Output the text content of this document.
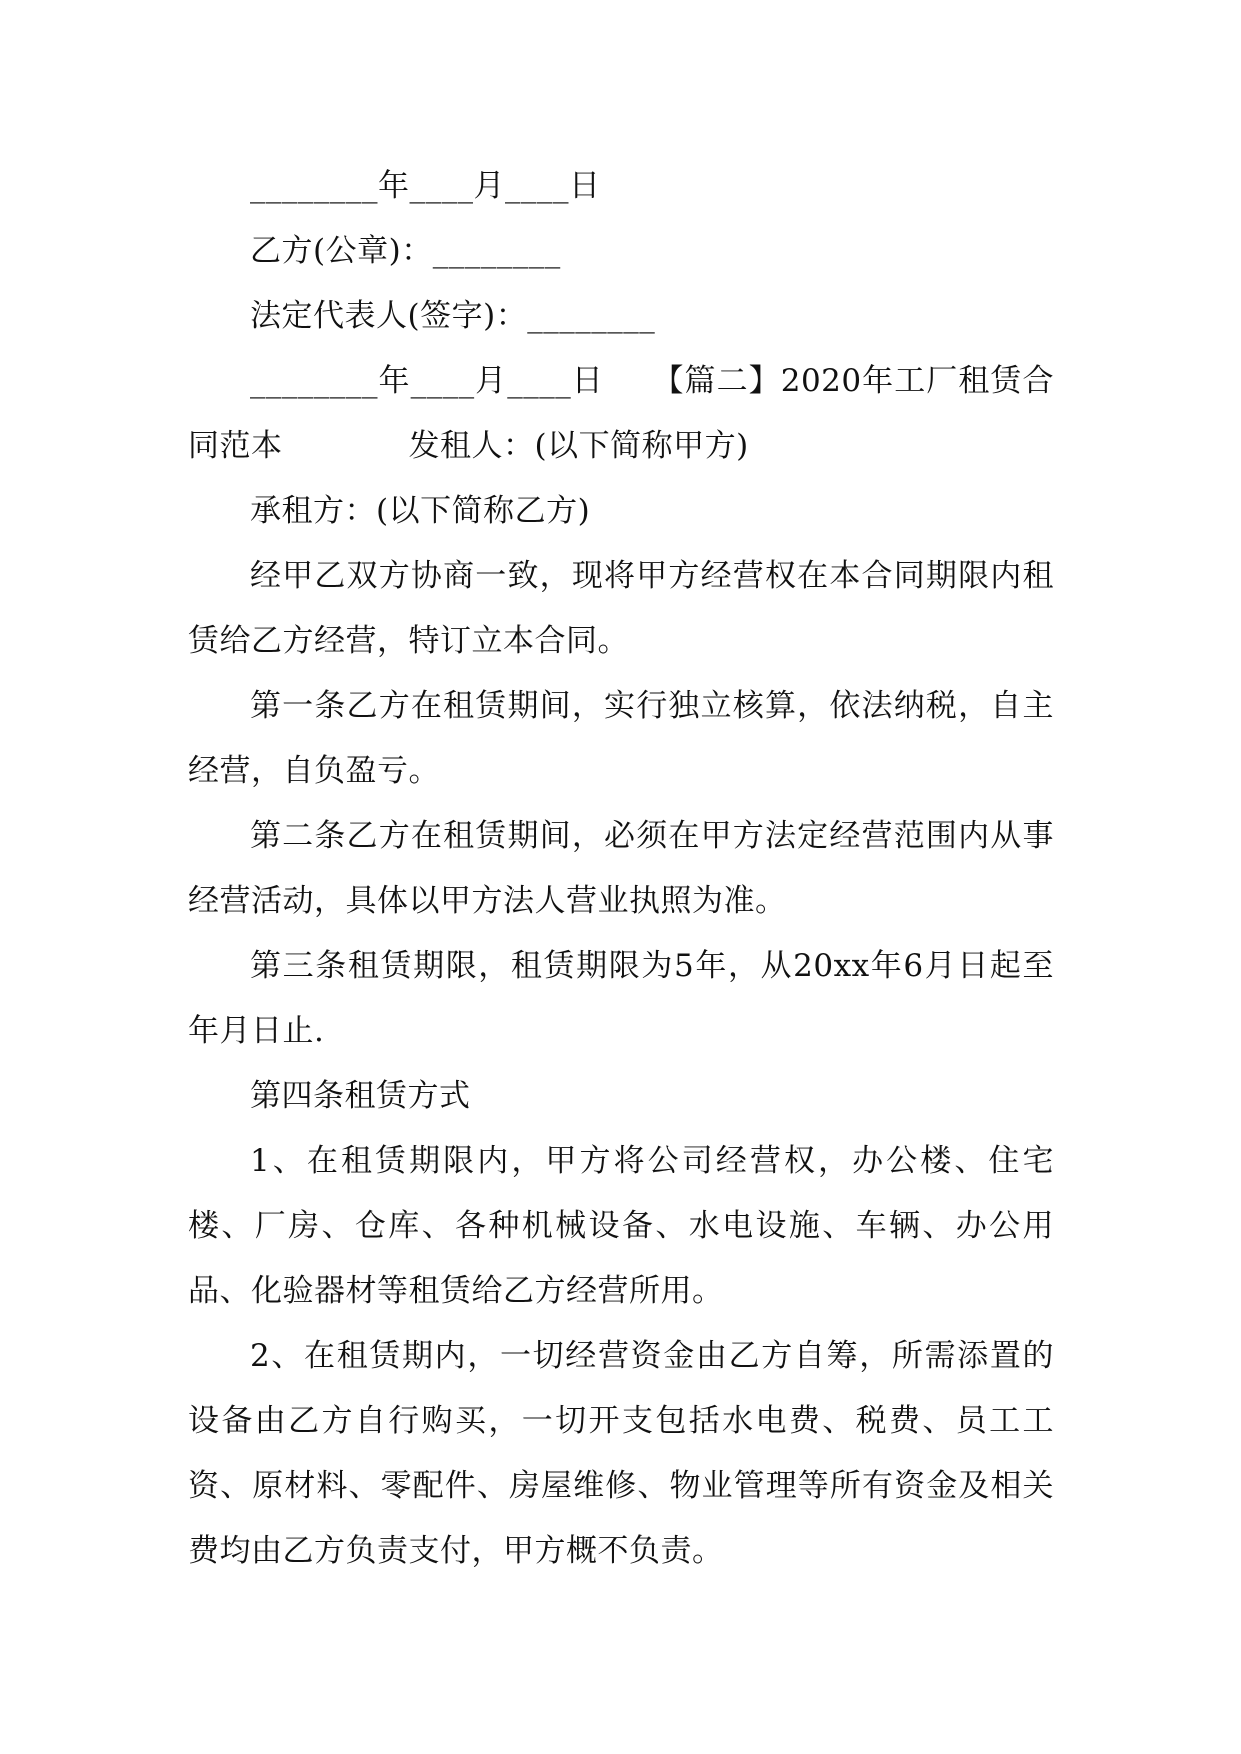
________年____月____日

乙方(公章)：________

法定代表人(签字)：________

________年____月____日　　【篇二】2020年工厂租赁合同范本　　　　发租人：(以下简称甲方)

承租方：(以下简称乙方)

经甲乙双方协商一致，现将甲方经营权在本合同期限内租赁给乙方经营，特订立本合同。

第一条乙方在租赁期间，实行独立核算，依法纳税，自主经营，自负盈亏。

第二条乙方在租赁期间，必须在甲方法定经营范围内从事经营活动，具体以甲方法人营业执照为准。

第三条租赁期限，租赁期限为5年，从20xx年6月日起至年月日止.

第四条租赁方式

1、在租赁期限内，甲方将公司经营权，办公楼、住宅楼、厂房、仓库、各种机械设备、水电设施、车辆、办公用品、化验器材等租赁给乙方经营所用。

2、在租赁期内，一切经营资金由乙方自筹，所需添置的设备由乙方自行购买，一切开支包括水电费、税费、员工工资、原材料、零配件、房屋维修、物业管理等所有资金及相关费均由乙方负责支付，甲方概不负责。
